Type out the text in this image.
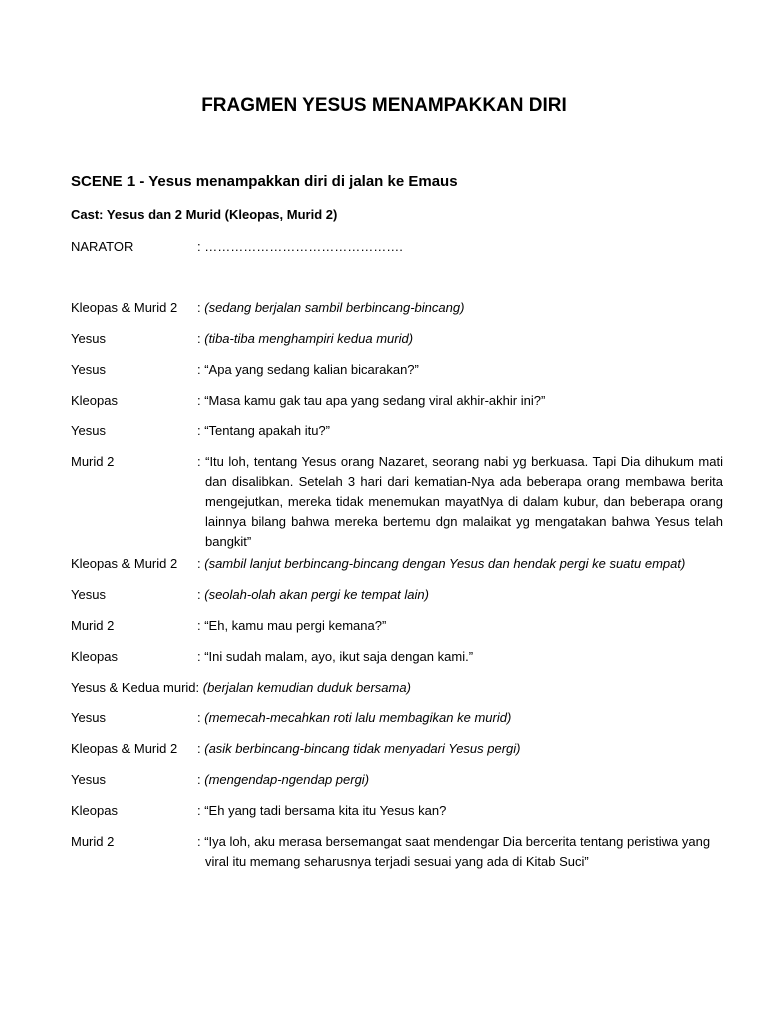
FRAGMEN YESUS MENAMPAKKAN DIRI
SCENE 1 - Yesus menampakkan diri di jalan ke Emaus
Cast: Yesus dan 2 Murid (Kleopas, Murid 2)
NARATOR	: ……………………………………….
Kleopas & Murid 2 : (sedang berjalan sambil berbincang-bincang)
Yesus	: (tiba-tiba menghampiri kedua murid)
Yesus	: “Apa yang sedang kalian bicarakan?”
Kleopas	: “Masa kamu gak tau apa yang sedang viral akhir-akhir ini?”
Yesus	: “Tentang apakah itu?”
Murid 2	: “Itu loh, tentang Yesus orang Nazaret, seorang nabi yg berkuasa. Tapi Dia dihukum mati dan disalibkan. Setelah 3 hari dari kematian-Nya ada beberapa orang membawa berita mengejutkan, mereka tidak menemukan mayatNya di dalam kubur, dan beberapa orang lainnya bilang bahwa mereka bertemu dgn malaikat yg mengatakan bahwa Yesus telah bangkit”
Kleopas & Murid 2 : (sambil lanjut berbincang-bincang dengan Yesus dan hendak pergi ke suatu empat)
Yesus	: (seolah-olah akan pergi ke tempat lain)
Murid 2	: “Eh, kamu mau pergi kemana?”
Kleopas	: “Ini sudah malam, ayo, ikut saja dengan kami.”
Yesus & Kedua murid: (berjalan kemudian duduk bersama)
Yesus	: (memecah-mecahkan roti lalu membagikan ke murid)
Kleopas & Murid 2 : (asik berbincang-bincang tidak menyadari Yesus pergi)
Yesus	: (mengendap-ngendap pergi)
Kleopas	: “Eh yang tadi bersama kita itu Yesus kan?
Murid 2	: “Iya loh, aku merasa bersemangat saat mendengar Dia bercerita tentang peristiwa yang viral itu memang seharusnya terjadi sesuai yang ada di Kitab Suci”
